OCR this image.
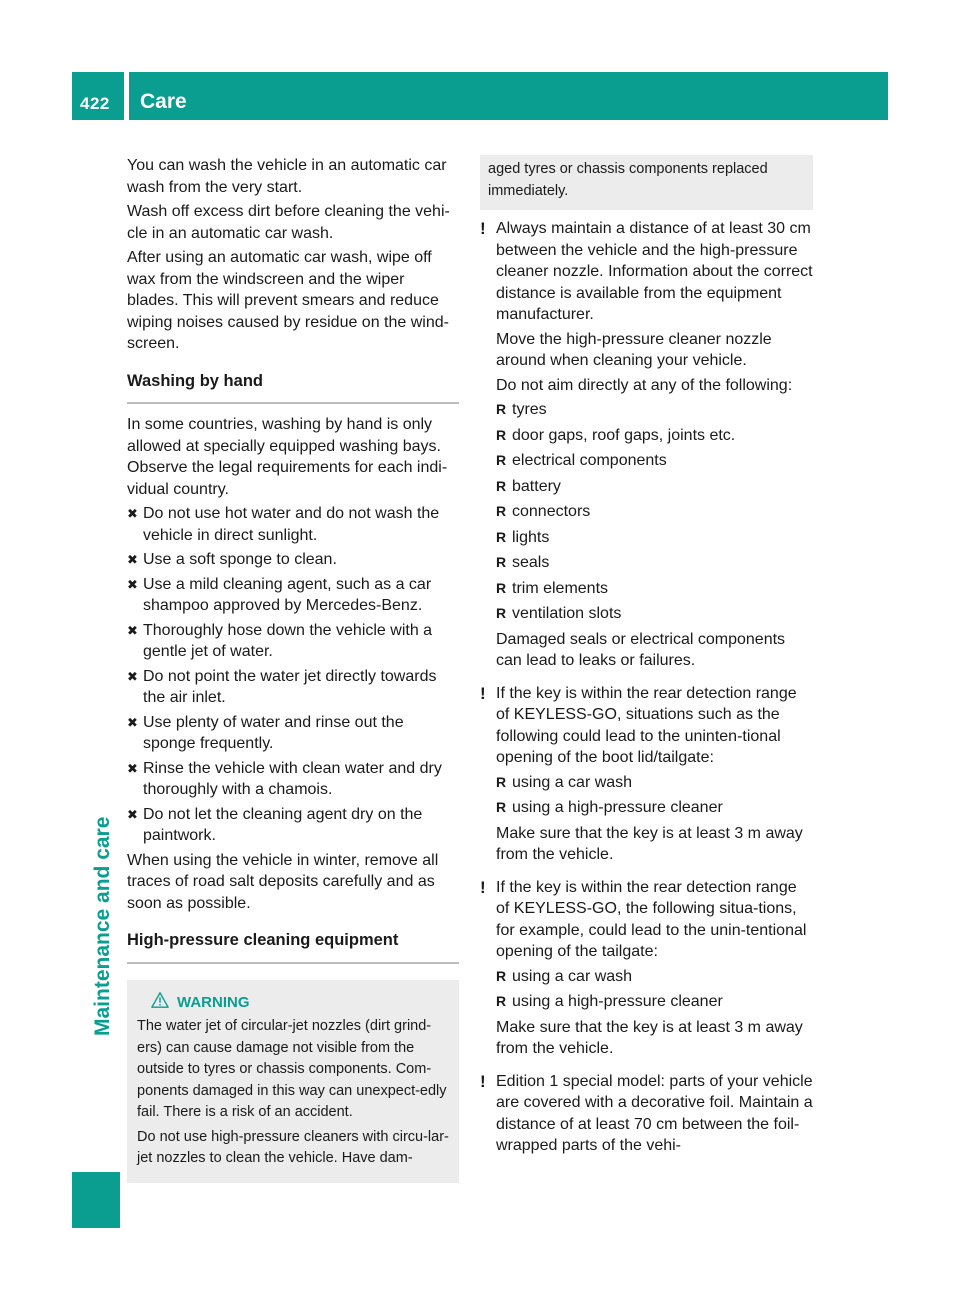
422 Care
Maintenance and care

You can wash the vehicle in an automatic car wash from the very start.

Wash off excess dirt before cleaning the vehi-cle in an automatic car wash.

After using an automatic car wash, wipe off wax from the windscreen and the wiper blades. This will prevent smears and reduce wiping noises caused by residue on the wind-screen.

Washing by hand

In some countries, washing by hand is only allowed at specially equipped washing bays. Observe the legal requirements for each indi-vidual country.

✖ Do not use hot water and do not wash the vehicle in direct sunlight.
✖ Use a soft sponge to clean.
✖ Use a mild cleaning agent, such as a car shampoo approved by Mercedes-Benz.
✖ Thoroughly hose down the vehicle with a gentle jet of water.
✖ Do not point the water jet directly towards the air inlet.
✖ Use plenty of water and rinse out the sponge frequently.
✖ Rinse the vehicle with clean water and dry thoroughly with a chamois.
✖ Do not let the cleaning agent dry on the paintwork.

When using the vehicle in winter, remove all traces of road salt deposits carefully and as soon as possible.

High-pressure cleaning equipment
WARNING

The water jet of circular-jet nozzles (dirt grind-ers) can cause damage not visible from the outside to tyres or chassis components. Com-ponents damaged in this way can unexpect-edly fail. There is a risk of an accident.

Do not use high-pressure cleaners with circu-lar-jet nozzles to clean the vehicle. Have dam-

aged tyres or chassis components replaced immediately.
! Always maintain a distance of at least 30 cm between the vehicle and the high-pressure cleaner nozzle. Information about the correct distance is available from the equipment manufacturer.

Move the high-pressure cleaner nozzle around when cleaning your vehicle.

Do not aim directly at any of the following:

R tyres
R door gaps, roof gaps, joints etc.
R electrical components
R battery
R connectors
R lights
R seals
R trim elements
R ventilation slots

Damaged seals or electrical components can lead to leaks or failures.

! If the key is within the rear detection range of KEYLESS-GO, situations such as the following could lead to the uninten-tional opening of the boot lid/tailgate:
R using a car wash
R using a high-pressure cleaner

Make sure that the key is at least 3 m away from the vehicle.

! If the key is within the rear detection range of KEYLESS-GO, the following situa-tions, for example, could lead to the unin-tentional opening of the tailgate:
R using a car wash
R using a high-pressure cleaner

Make sure that the key is at least 3 m away from the vehicle.

! Edition 1 special model: parts of your vehicle are covered with a decorative foil. Maintain a distance of at least 70 cm between the foil-wrapped parts of the vehi-
